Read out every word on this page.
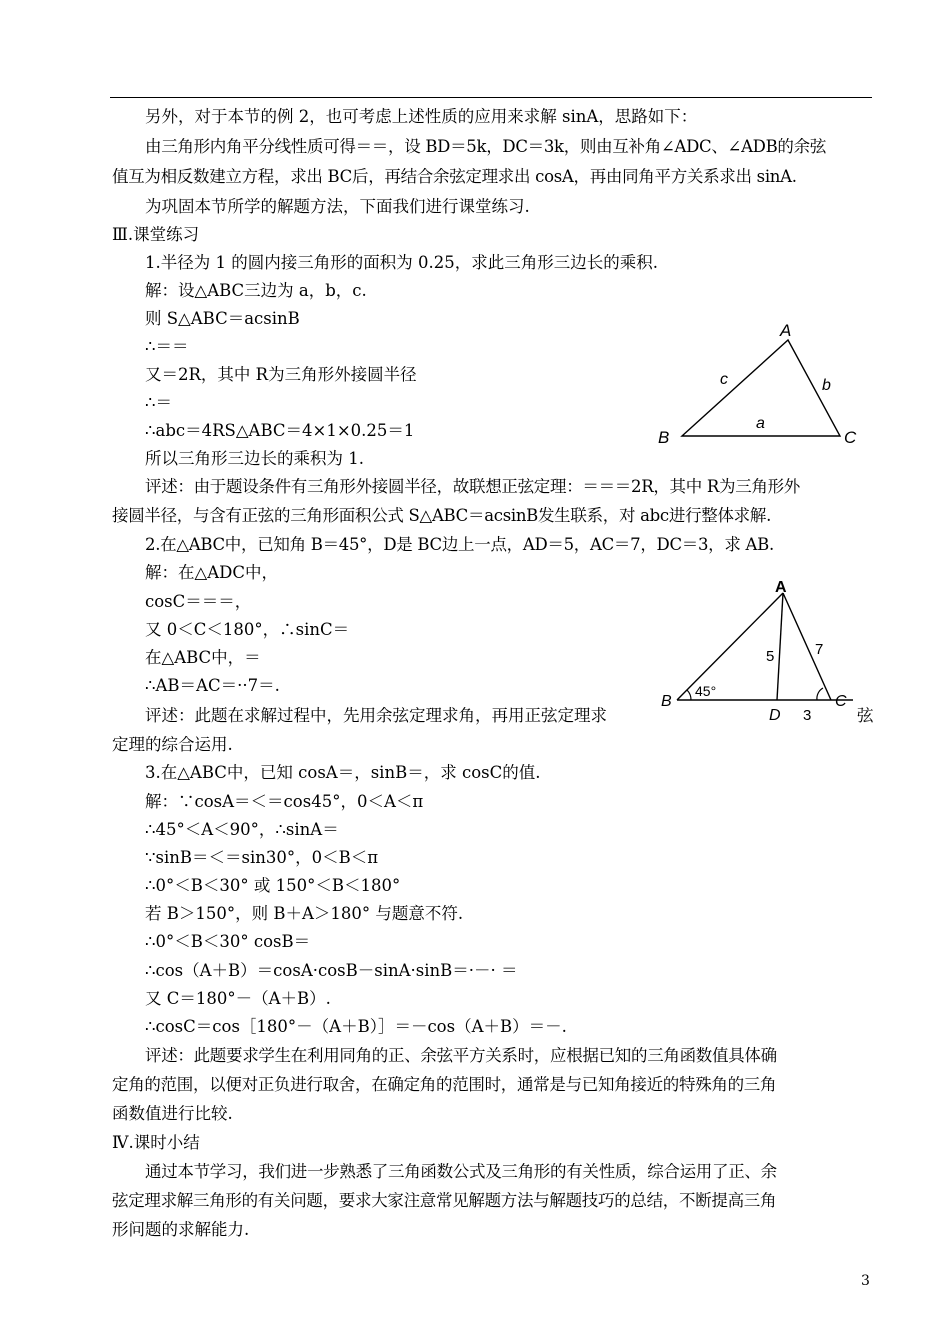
另外，对于本节的例 2，也可考虑上述性质的应用来求解 sinA，思路如下：
由三角形内角平分线性质可得＝＝，设 BD＝5k，DC＝3k，则由互补角∠ADC、∠ADB的余弦
值互为相反数建立方程，求出 BC后，再结合余弦定理求出 cosA，再由同角平方关系求出 sinA.
为巩固本节所学的解题方法，下面我们进行课堂练习.
Ⅲ.课堂练习
1.半径为 1 的圆内接三角形的面积为 0.25，求此三角形三边长的乘积.
解：设△ABC三边为 a，b，c.
则 S△ABC＝acsinB
∴＝＝
又＝2R，其中 R为三角形外接圆半径
∴＝
∴abc＝4RS△ABC＝4×1×0.25＝1
所以三角形三边长的乘积为 1.
评述：由于题设条件有三角形外接圆半径，故联想正弦定理：＝＝＝2R，其中 R为三角形外
接圆半径，与含有正弦的三角形面积公式 S△ABC＝acsinB发生联系，对 abc进行整体求解.
2.在△ABC中，已知角 B＝45°，D是 BC边上一点，AD＝5，AC＝7，DC＝3，求 AB.
解：在△ADC中，
cosC＝＝＝，
又 0＜C＜180°，∴sinC＝
在△ABC中，＝
∴AB＝AC＝··7＝.
评述：此题在求解过程中，先用余弦定理求角，再用正弦定理求	弦
定理的综合运用.
3.在△ABC中，已知 cosA＝，sinB＝，求 cosC的值.
解：∵cosA＝＜＝cos45°，0＜A＜π
∴45°＜A＜90°，∴sinA＝
∵sinB＝＜＝sin30°，0＜B＜π
∴0°＜B＜30° 或 150°＜B＜180°
若 B＞150°，则 B＋A＞180° 与题意不符.
∴0°＜B＜30° cosB＝
∴cos（A＋B）＝cosA·cosB－sinA·sinB＝·－· ＝
又 C＝180°－（A＋B）.
∴cosC＝cos［180°－（A＋B）］＝－cos（A＋B）＝－.
评述：此题要求学生在利用同角的正、余弦平方关系时，应根据已知的三角函数值具体确
定角的范围，以便对正负进行取舍，在确定角的范围时，通常是与已知角接近的特殊角的三角
函数值进行比较.
Ⅳ.课时小结
通过本节学习，我们进一步熟悉了三角函数公式及三角形的有关性质，综合运用了正、余
弦定理求解三角形的有关问题，要求大家注意常见解题方法与解题技巧的总结，不断提高三角
形问题的求解能力.
A
B	C
c	b
a
A
B	C
D
45°
5	7
3
3
